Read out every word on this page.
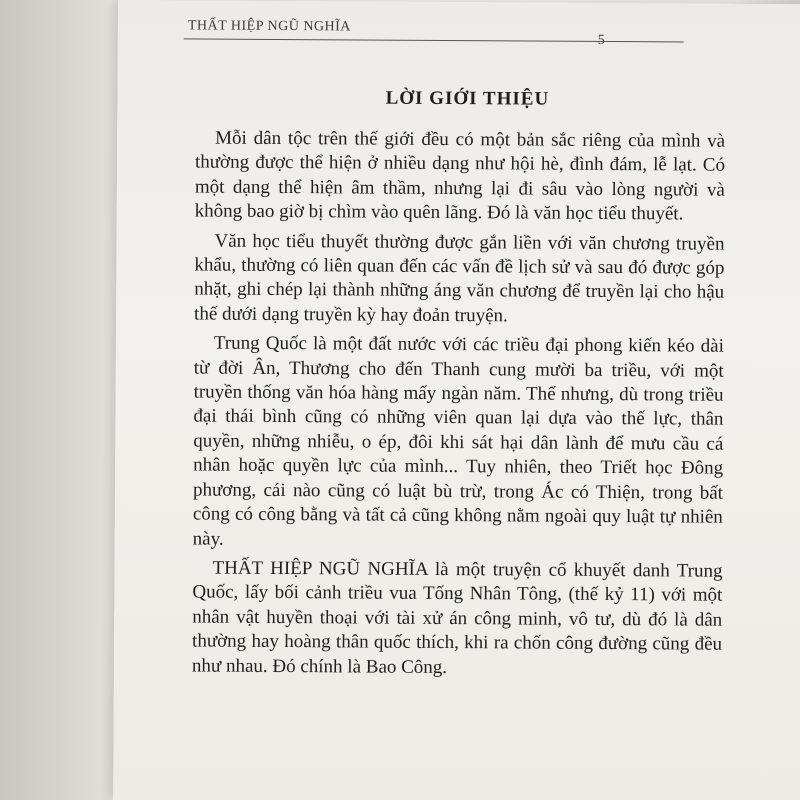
THẤT HIỆP NGŨ NGHĨA
5
LỜI GIỚI THIỆU

Mỗi dân tộc trên thế giới đều có một bản sắc riêng của mình và thường được thể hiện ở nhiều dạng như hội hè, đình đám, lễ lạt. Có một dạng thể hiện âm thầm, nhưng lại đi sâu vào lòng người và không bao giờ bị chìm vào quên lãng. Đó là văn học tiểu thuyết.

Văn học tiểu thuyết thường được gắn liền với văn chương truyền khẩu, thường có liên quan đến các vấn đề lịch sử và sau đó được góp nhặt, ghi chép lại thành những áng văn chương để truyền lại cho hậu thế dưới dạng truyền kỳ hay đoản truyện.

Trung Quốc là một đất nước với các triều đại phong kiến kéo dài từ đời Ân, Thương cho đến Thanh cung mười ba triều, với một truyền thống văn hóa hàng mấy ngàn năm. Thế nhưng, dù trong triều đại thái bình cũng có những viên quan lại dựa vào thế lực, thân quyền, những nhiễu, o ép, đôi khi sát hại dân lành để mưu cầu cá nhân hoặc quyền lực của mình... Tuy nhiên, theo Triết học Đông phương, cái nào cũng có luật bù trừ, trong Ác có Thiện, trong bất công có công bằng và tất cả cũng không nằm ngoài quy luật tự nhiên này.

THẤT HIỆP NGŨ NGHĨA là một truyện cổ khuyết danh Trung Quốc, lấy bối cảnh triều vua Tống Nhân Tông, (thế kỷ 11) với một nhân vật huyền thoại với tài xử án công minh, vô tư, dù đó là dân thường hay hoàng thân quốc thích, khi ra chốn công đường cũng đều như nhau. Đó chính là Bao Công.
